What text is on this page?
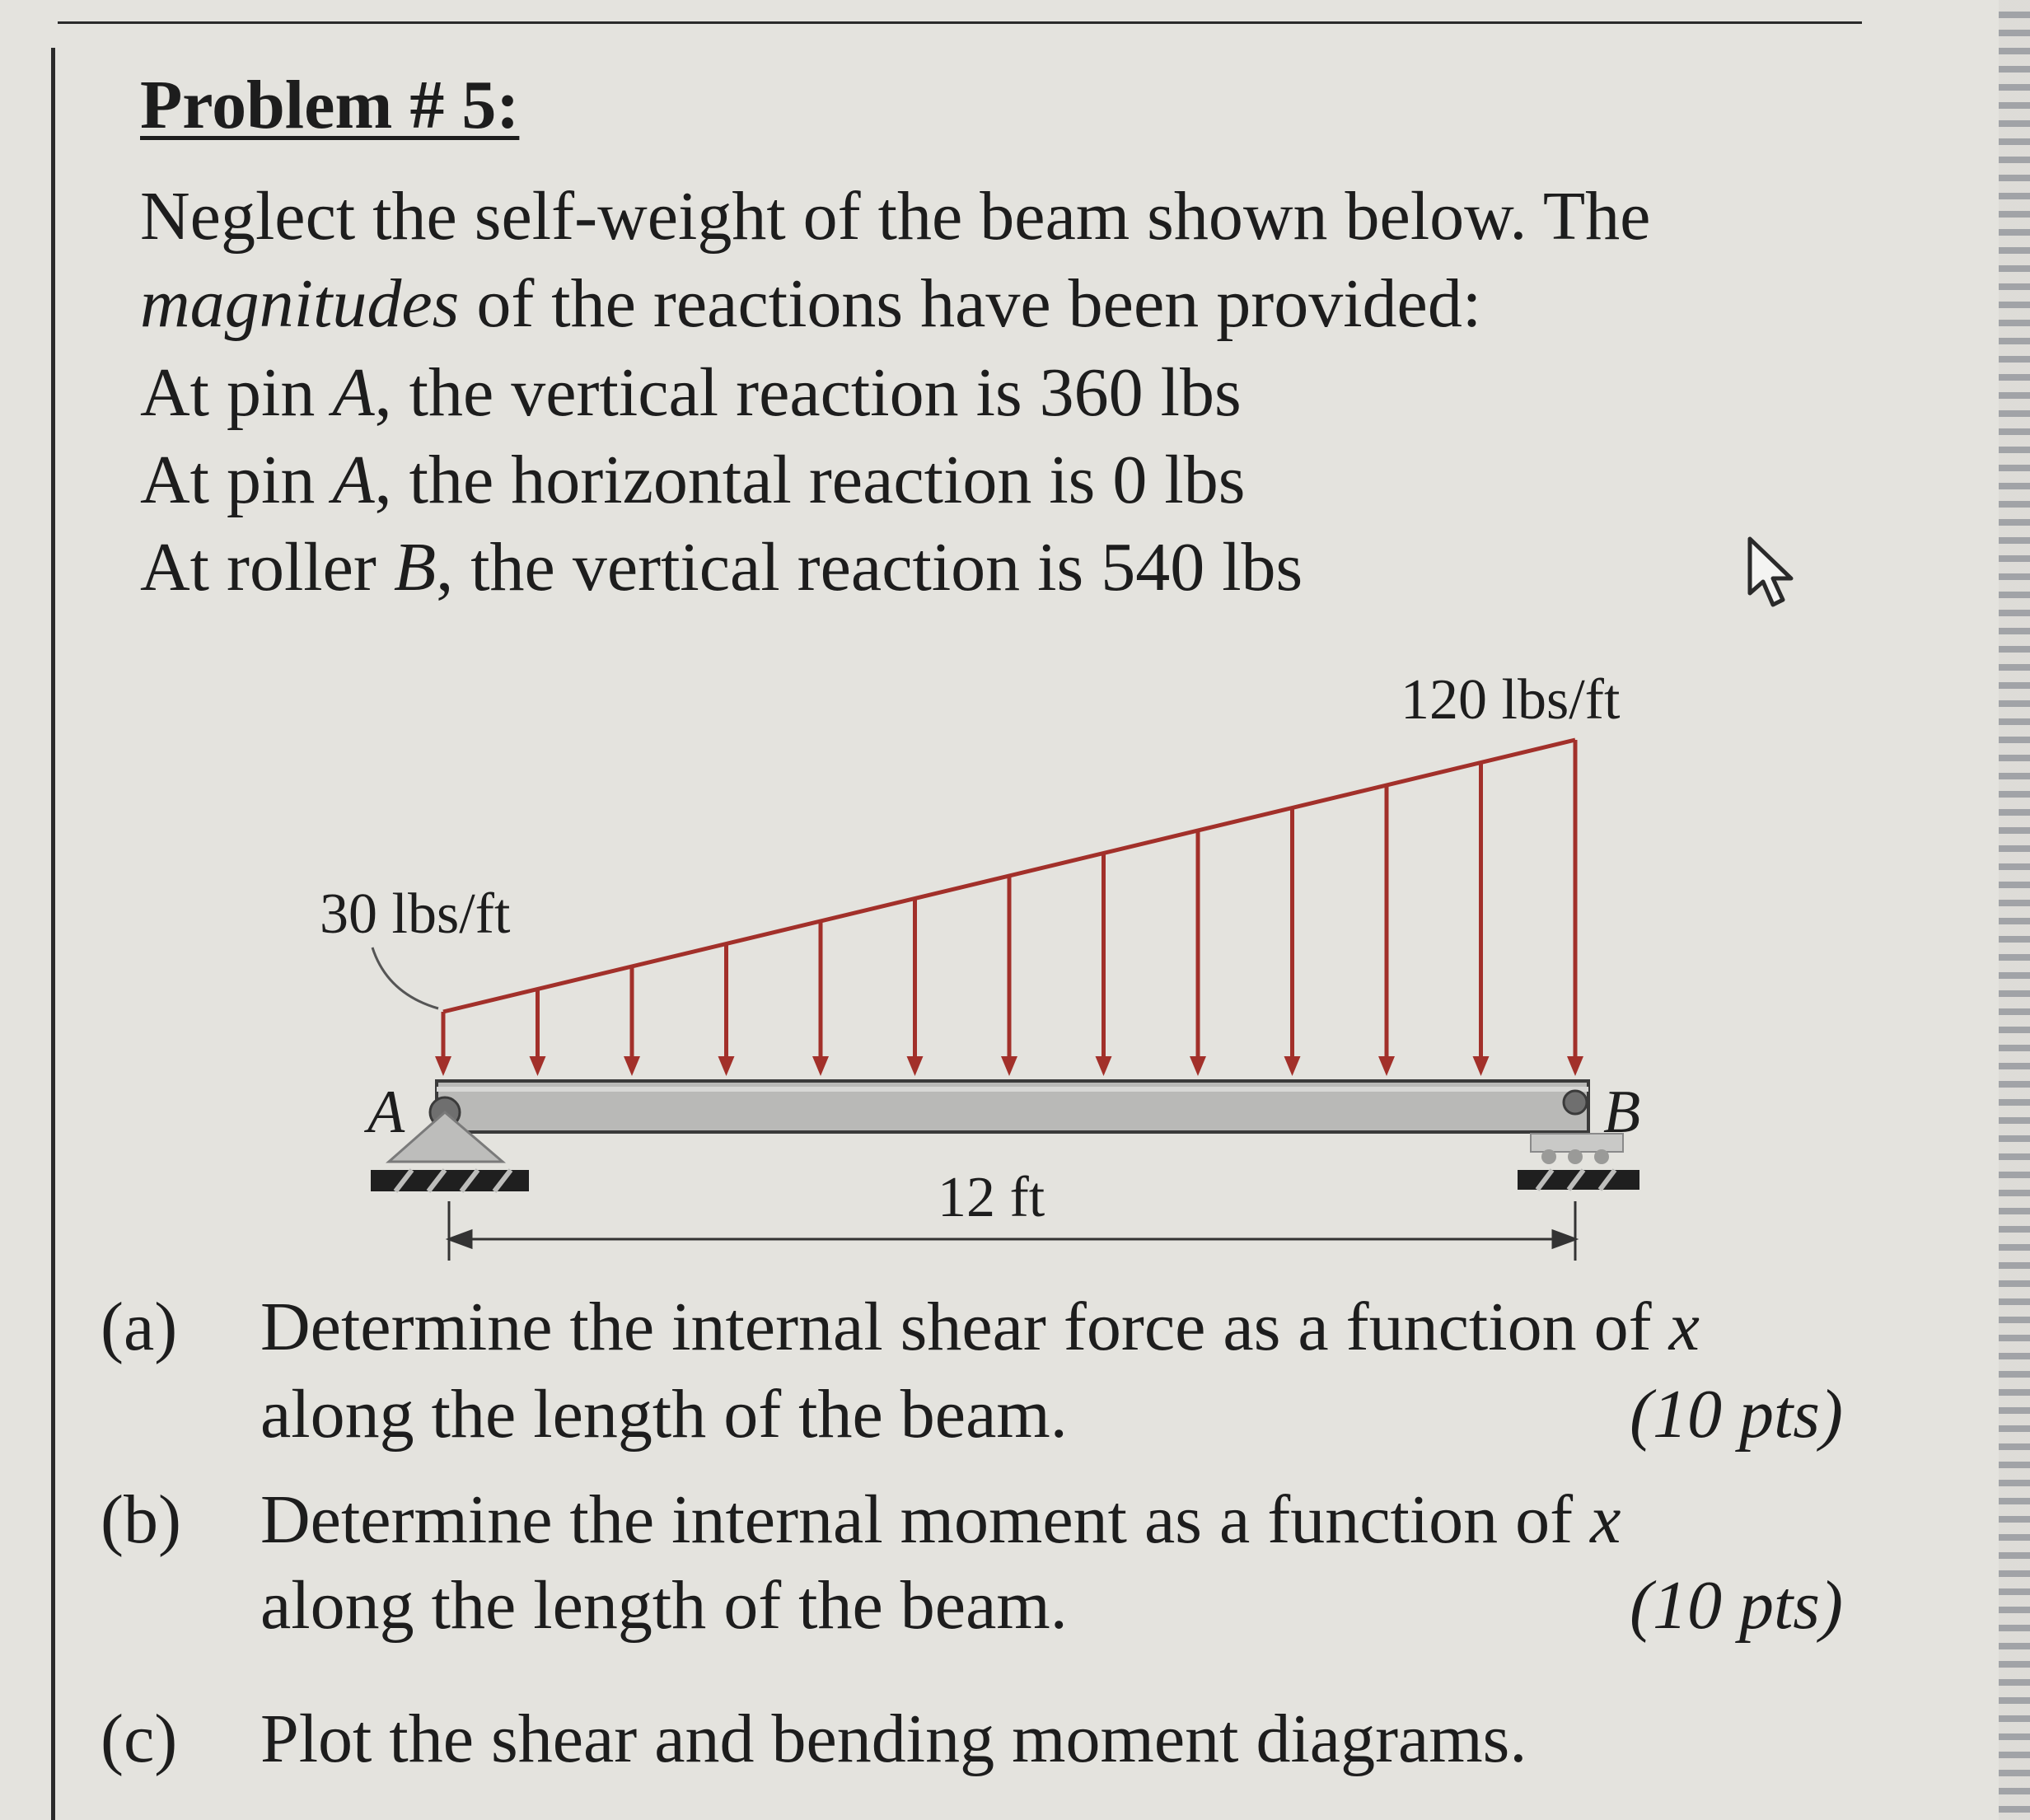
Problem # 5:
Neglect the self-weight of the beam shown below. The
magnitudes of the reactions have been provided:
At pin A, the vertical reaction is 360 lbs
At pin A, the horizontal reaction is 0 lbs
At roller B, the vertical reaction is 540 lbs
30 lbs/ft
120 lbs/ft
A	B
12 ft
(a) Determine the internal shear force as a function of x
along the length of the beam.	(10 pts)
(b) Determine the internal moment as a function of x
along the length of the beam.	(10 pts)
(c) Plot the shear and bending moment diagrams.
